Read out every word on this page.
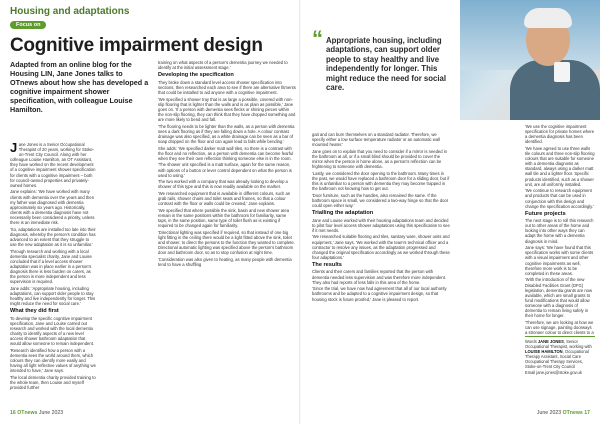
Housing and adaptations
Focus on
Cognitive impairment design
Adapted from an online blog for the Housing LIN, Jane Jones talks to OTnews about how she has developed a cognitive impairment shower specification, with colleague Louise Hamilton.

Jane Jones is a Senior Occupational Therapist of 20 years, working for Stoke-on-Trent City Council. Along with her colleague Louise Hamilton, an OT Assistant, they have worked on the recent development of a cognitive impairment shower specification for clients with a cognitive impairment – both for council-owned properties and privately-owned homes.

Jane explains: 'We have worked with many clients with dementia over the years and then my father was diagnosed with dementia approximately six years ago. Historically, clients with a dementia diagnosis have not necessarily been considered a priority, unless there is an immediate risk.

'So, adaptations are installed too late into their diagnosis, whereby the person's condition has advanced to an extent that they struggle to use the new adaptation as it is so unfamiliar.'

Through research and working with a local dementia specialist charity, Jane and Louise concluded that if a level access shower adaptation was in place earlier in a person's diagnosis there is less burden on carers, as the person is more independent and less supervision is required.

Jane adds: 'Appropriate housing, including adaptations, can support older people to stay healthy and live independently for longer. This might reduce the need for social care.'

What they did first

To develop the specific cognitive impairment specification, Jane and Louise carried out research and worked with the local dementia charity to identify aspects of a new level access shower bathroom adaptation that would allow someone to remain independent.

'Research identified how a person with a dementia sees the world around them, which colours they can identify more easily and having all light reflective values of anything we intended to have,' Jane says.

The local dementia charity provided training to the whole team, then Louise and myself provided further

training on what aspects of a person's dementia journey we needed to identify at the initial assessment stage.'

Developing the specification

They broke down a standard level access shower specification into sections, then researched each area to see if there are alternative fitments that could be installed to aid anyone with a cognitive impairment.

'We specified a shower tray that is as large a possible, covered with non-slip flooring that is lighter than the walls and is as plain as possible,' Jane goes on. 'If a person with dementia sees flecks or shining pieces within the non-slip flooring, they can think that they have dropped something and are more likely to bend and fall.

'The flooring needs to be lighter than the walls, as a person with dementia sees a dark flooring as if they are falling down a hole. A colour contrast drainage was also specified, as a white drainage can be seen as a bar of soap dropped on the floor and can again lead to falls while bending.'

She adds: 'We specified darker matt wall tiles, so there is a contrast with the floor and no reflection, as a person with dementia can become fearful when they see their own reflection thinking someone else is in the room.

'The shower unit specified is a matt surface, again for the same reason, with options of a button or lever control dependent on what the person is used to using.'

The two worked with a company that was already looking to develop a shower of this type and this is now readily available on the market.

'We researched equipment that is available in different colours, such as grab rails, shower chairs and toilet seats and frames, so that a colour contrast with the floor or walls could be created,' Jane explains.

'We specified that where possible the sink, basin and new shower area remain in the same positions within the bathroom for familiarity, same taps, in the same position, same type of toilet flush as is existing if required to be changed again for familiarity.

'Directional lighting was specified if required, so that instead of one big light fitting in the ceiling there would be a light fitted above the sink, toilet and shower, to direct the persons to the function they wanted to complete. Directional automatic lighting was specified above the person's bathroom door and bathroom door, so as to stop confusion at night time.

'Consideration was also given to heating, as many people with dementia tend to have a shuffling

16 OTnews June 2023
“ Appropriate housing, including adaptations, can support older people to stay healthy and live independently for longer. This might reduce the need for social care.

gait and can burn themselves on a standard radiator. Therefore, we specify either a low surface temperature radiator or an automatic wall mounted heater.'

Jane goes on to explain that you need to consider if a mirror is needed in the bathroom at all, or if a small blind should be provided to cover the mirror when the person is home alone, as a person's reflection can be frightening to someone with dementia.

'Lastly, we considered the door opening to the bathroom. Many times in the past, we would have replaced a bathroom door for a sliding door, but if this is unfamiliar to a person with dementia they may become trapped in the bathroom not knowing how to get out.

'Door furniture, such as the handles, also remained the same. If the bathroom space is small, we considered a two-way hinge so that the door could open either way.'

Trialling the adaptation

Jane and Louise worked with their housing adaptations team and decided to pilot four level access shower adaptations using this specification to see if it met needs.

'We researched suitable flooring and tiles, sanitary ware, shower units and equipment,' Jane says. 'We worked with the team's technical officer and a contractor to resolve any issues, as the adaptation progressed and changed the original specification accordingly as we worked through these four adaptations.'

The results

Clients and their carers and families reported that the person with dementia needed less supervision and was therefore more independent. They also had reports of less falls in this area of the home.

'Since the trial, we have now had agreement that all of our local authority bathrooms and be adapted to a cognitive impairment design, so that housing stock is future proofed,' Jane is pleased to report.

'We use the cognitive impairment specification for private homes where a dementia diagnosis has been identified.

'We have agreed to use three walls tile colours and three non-slip flooring colours that are suitable for someone with a dementia diagnosis as standard, always using a darker matt wall tile and a lighter floor. Specific products identified, such as a shower unit, are all uniformly installed.

'We continue to research equipment and products that can be used in conjunction with this design and change the specification accordingly.'

Future projects

The next stage is to roll this research out to other areas of the home and looking into other ways they can adapt the home with a dementia diagnosis in mind.

Jane says: 'We have found that this specification works with some clients with a visual impairment and other cognitive impairments as well, therefore more work is to be completed in these areas.

'With the introduction of the new Disabled Facilities Grant (DFG) legislation, dementia grants are now available, which are small grants to fund modifications that would allow someone with a diagnosis of dementia to remain living safely in their home for longer.

'Therefore, we are looking at how we can use signage, painting doorways a stronger colour to direct clients to a

Words JANE JONES, Senior Occupational Therapist, working with LOUISE HAMILTON, Occupational Therapy Assistant, Social Care Occupational Therapy Services, Stoke-on-Trent City Council
Email jane.jones@stoke.gov.uk
June 2023 OTnews 17
